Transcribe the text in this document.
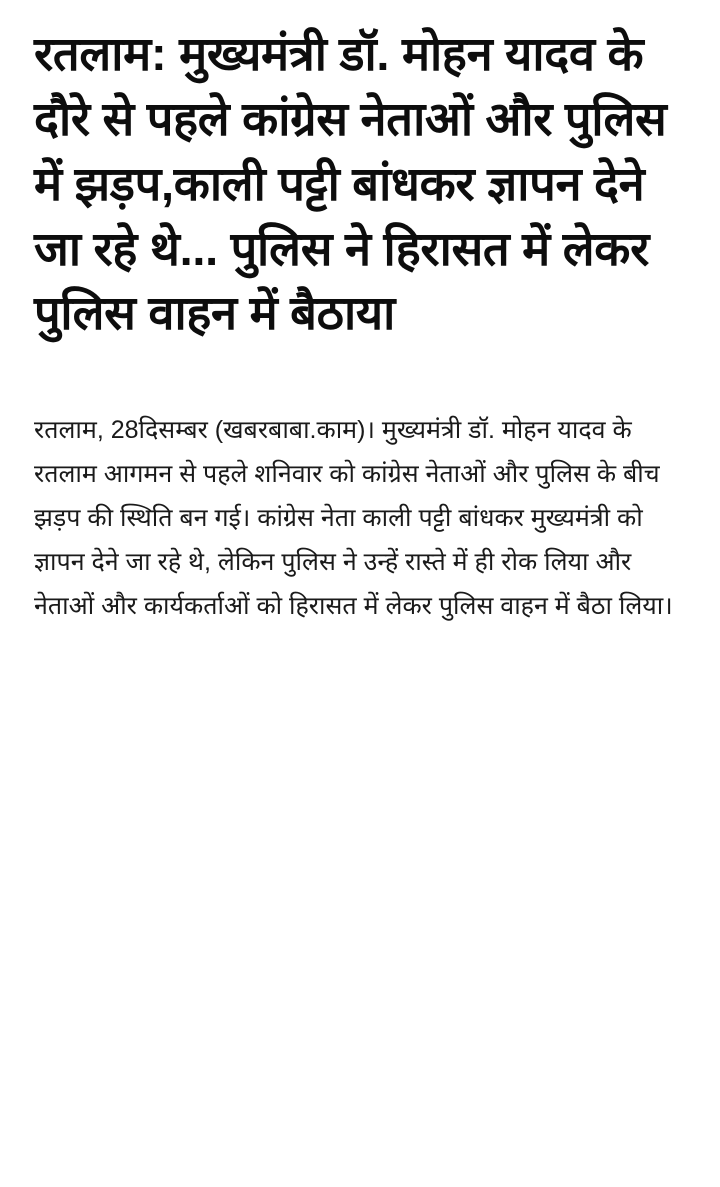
रतलाम: मुख्यमंत्री डॉ. मोहन यादव के दौरे से पहले कांग्रेस नेताओं और पुलिस में झड़प,काली पट्टी बांधकर ज्ञापन देने जा रहे थे... पुलिस ने हिरासत में लेकर पुलिस वाहन में बैठाया

रतलाम, 28दिसम्बर (खबरबाबा.काम)। मुख्यमंत्री डॉ. मोहन यादव के रतलाम आगमन से पहले शनिवार को कांग्रेस नेताओं और पुलिस के बीच झड़प की स्थिति बन गई। कांग्रेस नेता काली पट्टी बांधकर मुख्यमंत्री को ज्ञापन देने जा रहे थे, लेकिन पुलिस ने उन्हें रास्ते में ही रोक लिया और नेताओं और कार्यकर्ताओं को हिरासत में लेकर पुलिस वाहन में बैठा लिया।
